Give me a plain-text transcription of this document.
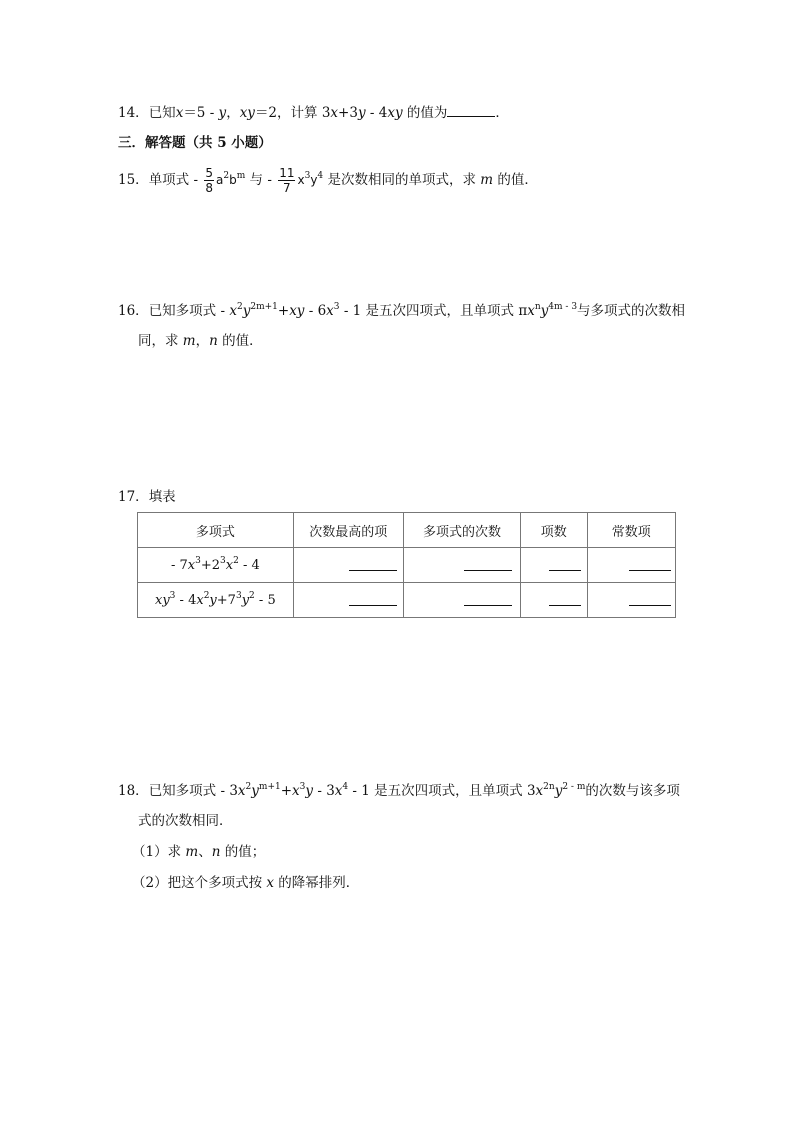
14．已知x＝5 - y，xy＝2，计算 3x+3y - 4xy 的值为	．
三．解答题（共 5 小题）
15．单项式 - $\frac{5}{8} a^2b^m$ 与 - $\frac{11}{7} x^3y^4$ 是次数相同的单项式，求 m 的值．
16．已知多项式 - $x^2y^{2m+1}+xy - 6x^3 - 1$ 是五次四项式，且单项式 $\pi x^ny^{4m - 3}$与多项式的次数相
同，求 m，n 的值．
17．填表
多项式	次数最高的项	多项式的次数	项数	常数项
- $7x^3+2^3x^2 - 4$				
$xy^3 - 4x^2y+7^3y^2 - 5$				
18．已知多项式 - $3x^2y^{m+1}+x^3y - 3x^4 - 1$ 是五次四项式，且单项式 $3x^{2n}y^{2 - m}$的次数与该多项
式的次数相同．
（1）求 m、n 的值；
（2）把这个多项式按 x 的降幂排列．
